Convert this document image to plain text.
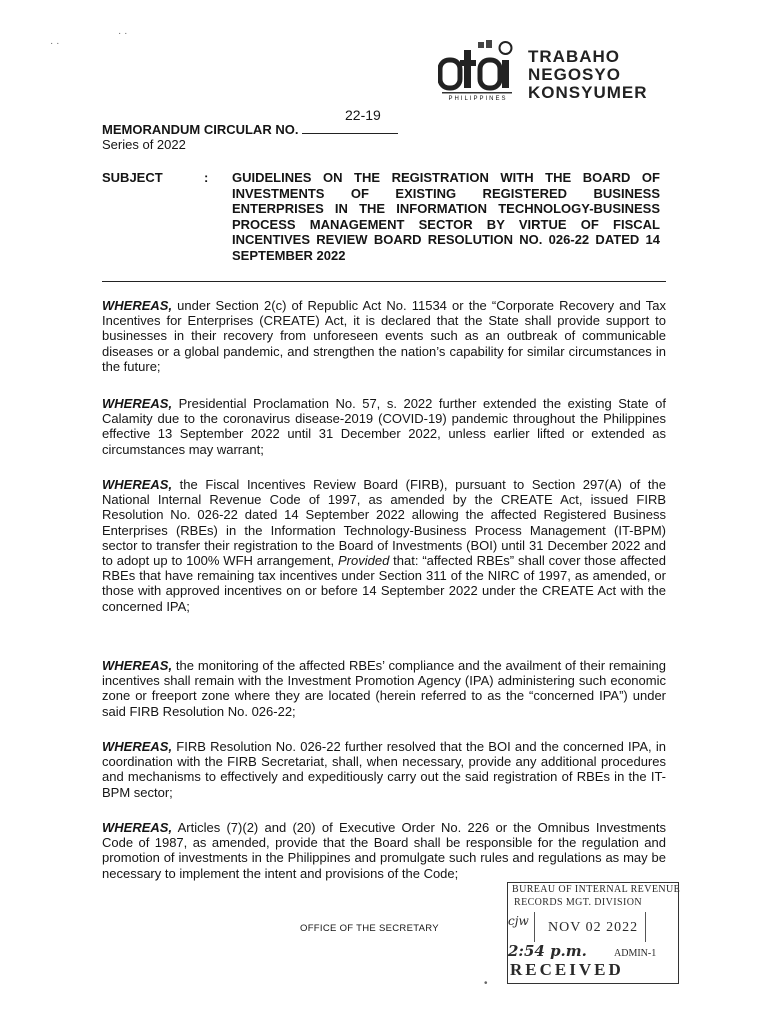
· ·
· ·
PHILIPPINES
TRABAHO
NEGOSYO
KONSYUMER
22-19
MEMORANDUM CIRCULAR NO.
Series of 2022
SUBJECT	: GUIDELINES ON THE REGISTRATION WITH THE BOARD OF INVESTMENTS OF EXISTING REGISTERED BUSINESS ENTERPRISES IN THE INFORMATION TECHNOLOGY-BUSINESS PROCESS MANAGEMENT SECTOR BY VIRTUE OF FISCAL INCENTIVES REVIEW BOARD RESOLUTION NO. 026-22 DATED 14 SEPTEMBER 2022

WHEREAS, under Section 2(c) of Republic Act No. 11534 or the “Corporate Recovery and Tax Incentives for Enterprises (CREATE) Act, it is declared that the State shall provide support to businesses in their recovery from unforeseen events such as an outbreak of communicable diseases or a global pandemic, and strengthen the nation’s capability for similar circumstances in the future;

WHEREAS, Presidential Proclamation No. 57, s. 2022 further extended the existing State of Calamity due to the coronavirus disease-2019 (COVID-19) pandemic throughout the Philippines effective 13 September 2022 until 31 December 2022, unless earlier lifted or extended as circumstances may warrant;

WHEREAS, the Fiscal Incentives Review Board (FIRB), pursuant to Section 297(A) of the National Internal Revenue Code of 1997, as amended by the CREATE Act, issued FIRB Resolution No. 026-22 dated 14 September 2022 allowing the affected Registered Business Enterprises (RBEs) in the Information Technology-Business Process Management (IT-BPM) sector to transfer their registration to the Board of Investments (BOI) until 31 December 2022 and to adopt up to 100% WFH arrangement, Provided that: “affected RBEs” shall cover those affected RBEs that have remaining tax incentives under Section 311 of the NIRC of 1997, as amended, or those with approved incentives on or before 14 September 2022 under the CREATE Act with the concerned IPA;

WHEREAS, the monitoring of the affected RBEs’ compliance and the availment of their remaining incentives shall remain with the Investment Promotion Agency (IPA) administering such economic zone or freeport zone where they are located (herein referred to as the “concerned IPA”) under said FIRB Resolution No. 026-22;

WHEREAS, FIRB Resolution No. 026-22 further resolved that the BOI and the concerned IPA, in coordination with the FIRB Secretariat, shall, when necessary, provide any additional procedures and mechanisms to effectively and expeditiously carry out the said registration of RBEs in the IT-BPM sector;

WHEREAS, Articles (7)(2) and (20) of Executive Order No. 226 or the Omnibus Investments Code of 1987, as amended, provide that the Board shall be responsible for the regulation and promotion of investments in the Philippines and promulgate such rules and regulations as may be necessary to implement the intent and provisions of the Code;

OFFICE OF THE SECRETARY
BUREAU OF INTERNAL REVENUE
RECORDS MGT. DIVISION
cjw NOV 02 2022
2:54 p.m.	ADMIN-1
RECEIVED
•
